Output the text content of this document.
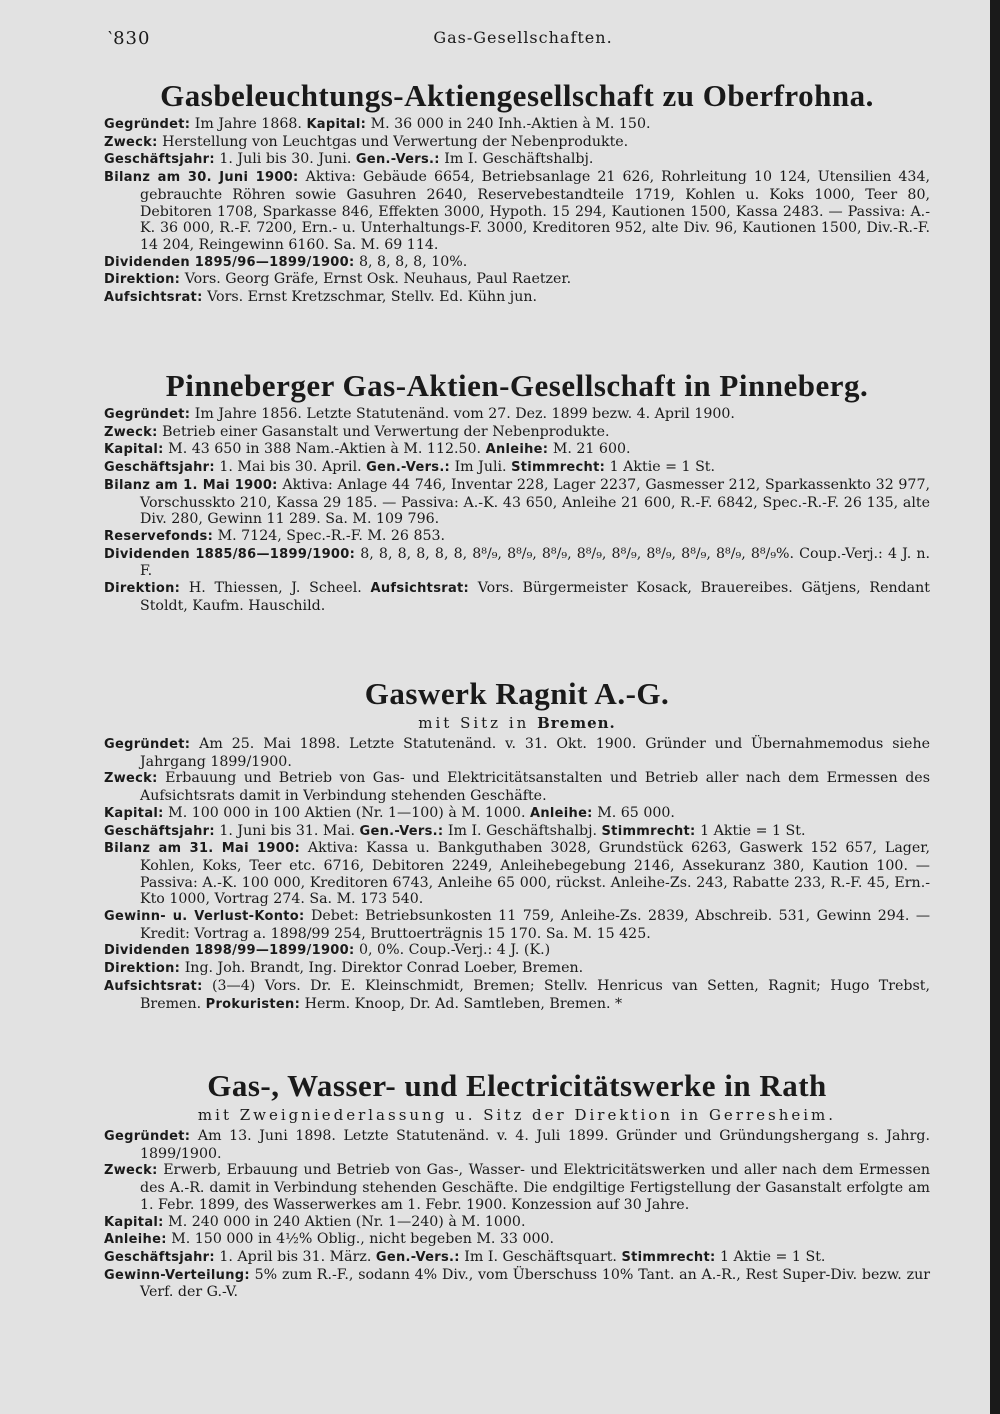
‵830	Gas-Gesellschaften.
Gasbeleuchtungs-Aktiengesellschaft zu Oberfrohna.
Gegründet: Im Jahre 1868. Kapital: M. 36 000 in 240 Inh.-Aktien à M. 150.
Zweck: Herstellung von Leuchtgas und Verwertung der Nebenprodukte.
Geschäftsjahr: 1. Juli bis 30. Juni. Gen.-Vers.: Im I. Geschäftshalbj.
Bilanz am 30. Juni 1900: Aktiva: Gebäude 6654, Betriebsanlage 21 626, Rohrleitung 10 124, Utensilien 434, gebrauchte Röhren sowie Gasuhren 2640, Reservebestandteile 1719, Kohlen u. Koks 1000, Teer 80, Debitoren 1708, Sparkasse 846, Effekten 3000, Hypoth. 15 294, Kautionen 1500, Kassa 2483. — Passiva: A.-K. 36 000, R.-F. 7200, Ern.- u. Unterhaltungs-F. 3000, Kreditoren 952, alte Div. 96, Kautionen 1500, Div.-R.-F. 14 204, Reingewinn 6160. Sa. M. 69 114.
Dividenden 1895/96—1899/1900: 8, 8, 8, 8, 10%.
Direktion: Vors. Georg Gräfe, Ernst Osk. Neuhaus, Paul Raetzer.
Aufsichtsrat: Vors. Ernst Kretzschmar, Stellv. Ed. Kühn jun.
Pinneberger Gas-Aktien-Gesellschaft in Pinneberg.
Gegründet: Im Jahre 1856. Letzte Statutenänd. vom 27. Dez. 1899 bezw. 4. April 1900.
Zweck: Betrieb einer Gasanstalt und Verwertung der Nebenprodukte.
Kapital: M. 43 650 in 388 Nam.-Aktien à M. 112.50. Anleihe: M. 21 600.
Geschäftsjahr: 1. Mai bis 30. April. Gen.-Vers.: Im Juli. Stimmrecht: 1 Aktie = 1 St.
Bilanz am 1. Mai 1900: Aktiva: Anlage 44 746, Inventar 228, Lager 2237, Gasmesser 212, Sparkassenkto 32 977, Vorschusskto 210, Kassa 29 185. — Passiva: A.-K. 43 650, Anleihe 21 600, R.-F. 6842, Spec.-R.-F. 26 135, alte Div. 280, Gewinn 11 289. Sa. M. 109 796.
Reservefonds: M. 7124, Spec.-R.-F. M. 26 853.
Dividenden 1885/86—1899/1900: 8, 8, 8, 8, 8, 8, 8⁸/₉, 8⁸/₉, 8⁸/₉, 8⁸/₉, 8⁸/₉, 8⁸/₉, 8⁸/₉, 8⁸/₉, 8⁸/₉%. Coup.-Verj.: 4 J. n. F.
Direktion: H. Thiessen, J. Scheel. Aufsichtsrat: Vors. Bürgermeister Kosack, Brauereibes. Gätjens, Rendant Stoldt, Kaufm. Hauschild.
Gaswerk Ragnit A.-G.
mit Sitz in Bremen.
Gegründet: Am 25. Mai 1898. Letzte Statutenänd. v. 31. Okt. 1900. Gründer und Übernahmemodus siehe Jahrgang 1899/1900.
Zweck: Erbauung und Betrieb von Gas- und Elektricitätsanstalten und Betrieb aller nach dem Ermessen des Aufsichtsrats damit in Verbindung stehenden Geschäfte.
Kapital: M. 100 000 in 100 Aktien (Nr. 1—100) à M. 1000. Anleihe: M. 65 000.
Geschäftsjahr: 1. Juni bis 31. Mai. Gen.-Vers.: Im I. Geschäftshalbj. Stimmrecht: 1 Aktie = 1 St.
Bilanz am 31. Mai 1900: Aktiva: Kassa u. Bankguthaben 3028, Grundstück 6263, Gaswerk 152 657, Lager, Kohlen, Koks, Teer etc. 6716, Debitoren 2249, Anleihebegebung 2146, Assekuranz 380, Kaution 100. — Passiva: A.-K. 100 000, Kreditoren 6743, Anleihe 65 000, rückst. Anleihe-Zs. 243, Rabatte 233, R.-F. 45, Ern.-Kto 1000, Vortrag 274. Sa. M. 173 540.
Gewinn- u. Verlust-Konto: Debet: Betriebsunkosten 11 759, Anleihe-Zs. 2839, Abschreib. 531, Gewinn 294. — Kredit: Vortrag a. 1898/99 254, Bruttoerträgnis 15 170. Sa. M. 15 425.
Dividenden 1898/99—1899/1900: 0, 0%. Coup.-Verj.: 4 J. (K.)
Direktion: Ing. Joh. Brandt, Ing. Direktor Conrad Loeber, Bremen.
Aufsichtsrat: (3—4) Vors. Dr. E. Kleinschmidt, Bremen; Stellv. Henricus van Setten, Ragnit; Hugo Trebst, Bremen. Prokuristen: Herm. Knoop, Dr. Ad. Samtleben, Bremen. *
Gas-, Wasser- und Electricitätswerke in Rath
mit Zweigniederlassung u. Sitz der Direktion in Gerresheim.
Gegründet: Am 13. Juni 1898. Letzte Statutenänd. v. 4. Juli 1899. Gründer und Gründungshergang s. Jahrg. 1899/1900.
Zweck: Erwerb, Erbauung und Betrieb von Gas-, Wasser- und Elektricitätswerken und aller nach dem Ermessen des A.-R. damit in Verbindung stehenden Geschäfte. Die endgiltige Fertigstellung der Gasanstalt erfolgte am 1. Febr. 1899, des Wasserwerkes am 1. Febr. 1900. Konzession auf 30 Jahre.
Kapital: M. 240 000 in 240 Aktien (Nr. 1—240) à M. 1000.
Anleihe: M. 150 000 in 4½% Oblig., nicht begeben M. 33 000.
Geschäftsjahr: 1. April bis 31. März. Gen.-Vers.: Im I. Geschäftsquart. Stimmrecht: 1 Aktie = 1 St.
Gewinn-Verteilung: 5% zum R.-F., sodann 4% Div., vom Überschuss 10% Tant. an A.-R., Rest Super-Div. bezw. zur Verf. der G.-V.
